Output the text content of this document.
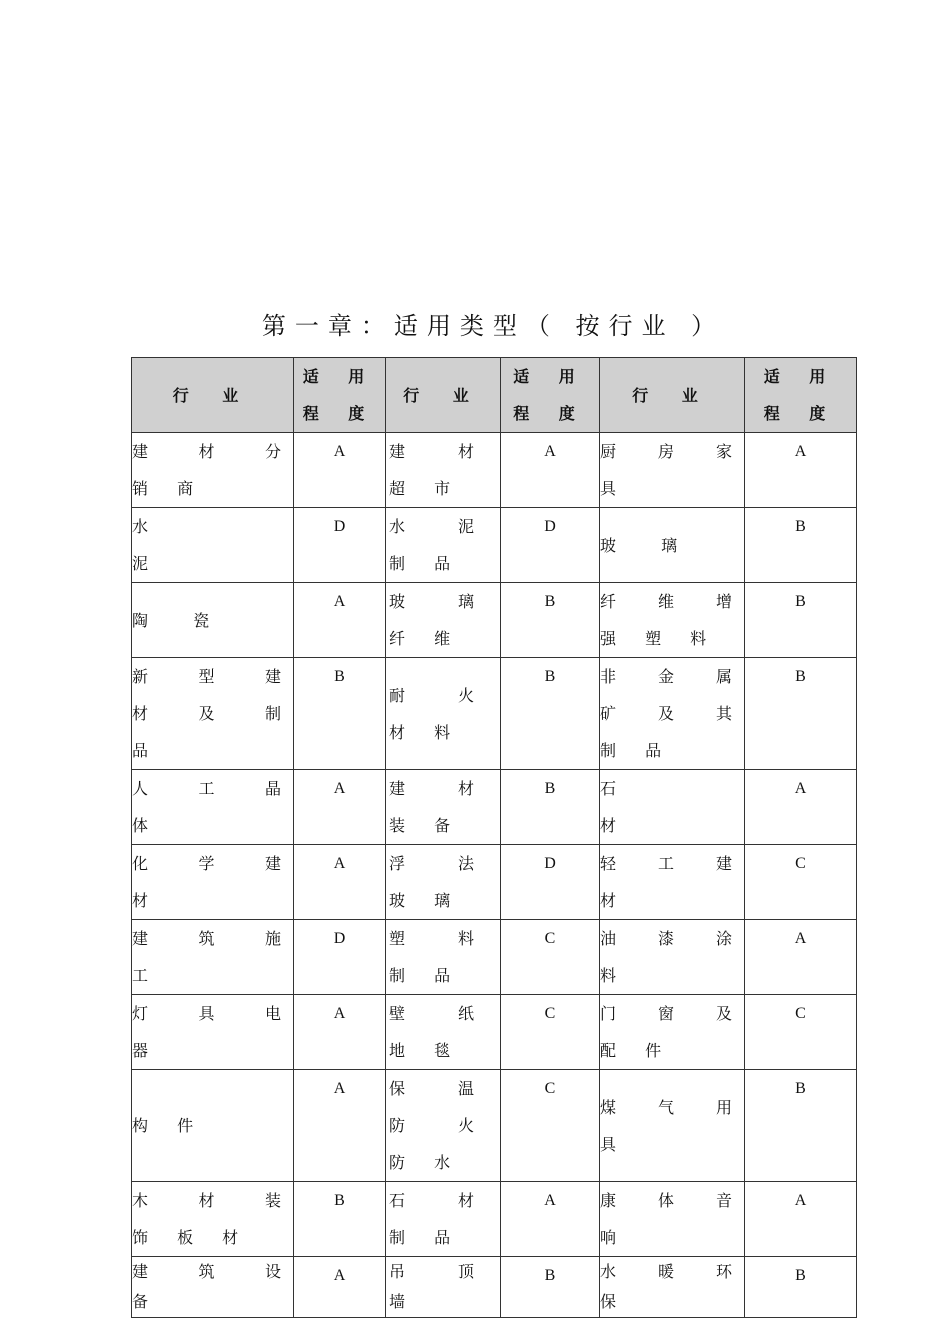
第一章：适用类型（ 按行业 ）
行 业	适 用 程 度	行 业	适 用 程 度	行 业	适 用 程 度
建 材 分 销 商	A	建 材 超 市	A	厨 房 家 具	A
水 泥	D	水 泥 制 品	D	玻 璃	B
陶 瓷	A	玻 璃 纤 维	B	纤 维 增 强 塑 料	B
新 型 建 材 及 制 品	B	耐 火 材 料	B	非 金 属 矿 及 其 制 品	B
人 工 晶 体	A	建 材 装 备	B	石 材	A
化 学 建 材	A	浮 法 玻 璃	D	轻 工 建 材	C
建 筑 施 工	D	塑 料 制 品	C	油 漆 涂 料	A
灯 具 电 器	A	壁 纸 地 毯	C	门 窗 及 配 件	C
构 件	A	保 温 防 火 防 水	C	煤 气 用 具	B
木 材 装 饰 板 材	B	石 材 制 品	A	康 体 音 响	A
建 筑 设 备	A	吊 顶 墙	B	水 暖 环 保	B
